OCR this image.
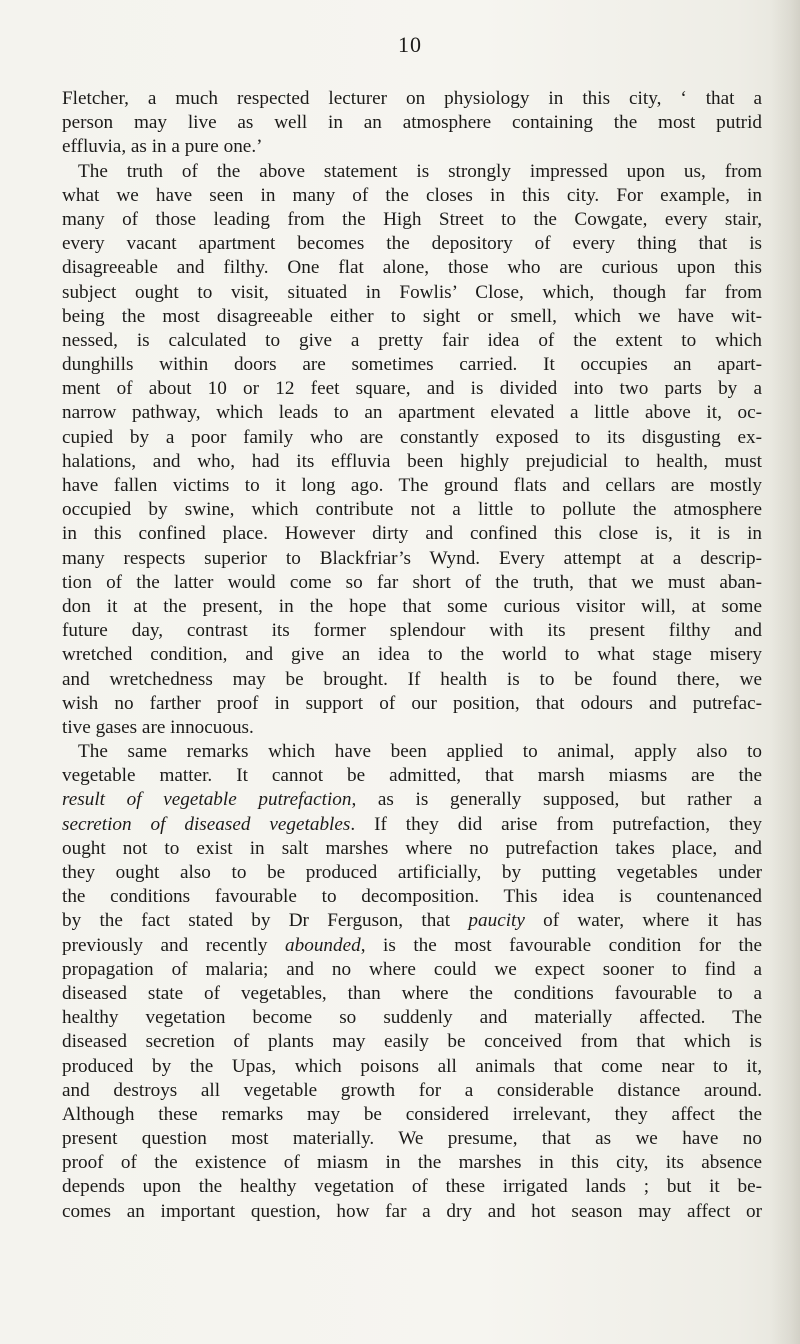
10
Fletcher, a much respected lecturer on physiology in this city, ‘ that a
person may live as well in an atmosphere containing the most putrid
effluvia, as in a pure one.’
The truth of the above statement is strongly impressed upon us, from
what we have seen in many of the closes in this city. For example, in
many of those leading from the High Street to the Cowgate, every stair,
every vacant apartment becomes the depository of every thing that is
disagreeable and filthy. One flat alone, those who are curious upon this
subject ought to visit, situated in Fowlis’ Close, which, though far from
being the most disagreeable either to sight or smell, which we have wit-
nessed, is calculated to give a pretty fair idea of the extent to which
dunghills within doors are sometimes carried. It occupies an apart-
ment of about 10 or 12 feet square, and is divided into two parts by a
narrow pathway, which leads to an apartment elevated a little above it, oc-
cupied by a poor family who are constantly exposed to its disgusting ex-
halations, and who, had its effluvia been highly prejudicial to health, must
have fallen victims to it long ago. The ground flats and cellars are mostly
occupied by swine, which contribute not a little to pollute the atmosphere
in this confined place. However dirty and confined this close is, it is in
many respects superior to Blackfriar’s Wynd. Every attempt at a descrip-
tion of the latter would come so far short of the truth, that we must aban-
don it at the present, in the hope that some curious visitor will, at some
future day, contrast its former splendour with its present filthy and
wretched condition, and give an idea to the world to what stage misery
and wretchedness may be brought. If health is to be found there, we
wish no farther proof in support of our position, that odours and putrefac-
tive gases are innocuous.
The same remarks which have been applied to animal, apply also to
vegetable matter. It cannot be admitted, that marsh miasms are the
result of vegetable putrefaction, as is generally supposed, but rather a
secretion of diseased vegetables. If they did arise from putrefaction, they
ought not to exist in salt marshes where no putrefaction takes place, and
they ought also to be produced artificially, by putting vegetables under
the conditions favourable to decomposition. This idea is countenanced
by the fact stated by Dr Ferguson, that paucity of water, where it has
previously and recently abounded, is the most favourable condition for the
propagation of malaria; and no where could we expect sooner to find a
diseased state of vegetables, than where the conditions favourable to a
healthy vegetation become so suddenly and materially affected. The
diseased secretion of plants may easily be conceived from that which is
produced by the Upas, which poisons all animals that come near to it,
and destroys all vegetable growth for a considerable distance around.
Although these remarks may be considered irrelevant, they affect the
present question most materially. We presume, that as we have no
proof of the existence of miasm in the marshes in this city, its absence
depends upon the healthy vegetation of these irrigated lands ; but it be-
comes an important question, how far a dry and hot season may affect or
